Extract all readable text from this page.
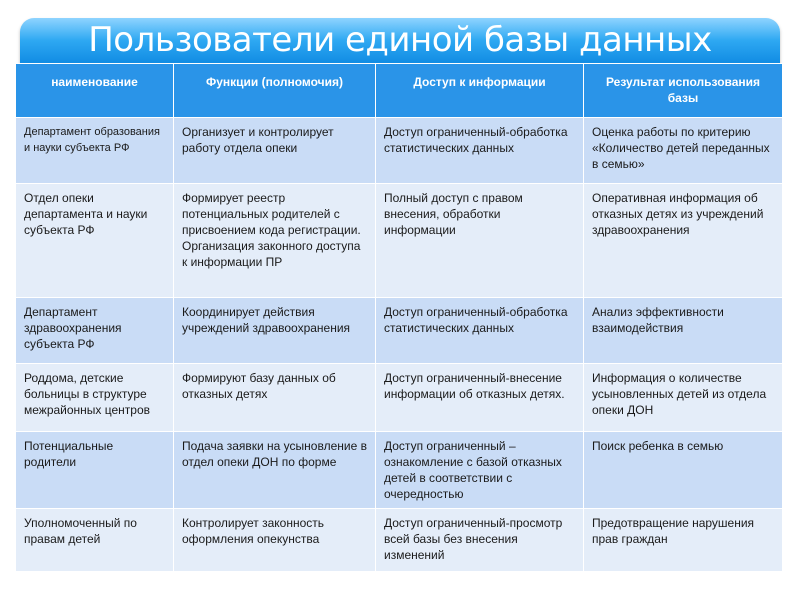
Пользователи единой базы данных
наименование	Функции (полномочия)	Доступ к информации	Результат использования базы
Департамент образования и науки субъекта РФ	Организует и контролирует работу отдела опеки	Доступ ограниченный-обработка статистических данных	Оценка работы по критерию «Количество детей переданных в семью»
Отдел опеки департамента и науки субъекта РФ	Формирует реестр потенциальных родителей с присвоением кода регистрации. Организация законного доступа к информации ПР	Полный доступ с правом внесения, обработки информации	Оперативная информация об отказных детях из учреждений здравоохранения
Департамент здравоохранения субъекта РФ	Координирует действия учреждений здравоохранения	Доступ ограниченный-обработка статистических данных	Анализ эффективности взаимодействия
Роддома, детские больницы в структуре межрайонных центров	Формируют базу данных об отказных детях	Доступ ограниченный-внесение информации об отказных детях.	Информация о количестве усыновленных детей из отдела опеки ДОН
Потенциальные родители	Подача заявки на усыновление в отдел опеки ДОН по форме	Доступ ограниченный – ознакомление с базой отказных детей в соответствии с очередностью	Поиск ребенка в семью
Уполномоченный по правам детей	Контролирует законность оформления опекунства	Доступ ограниченный-просмотр всей базы без внесения изменений	Предотвращение нарушения прав граждан
